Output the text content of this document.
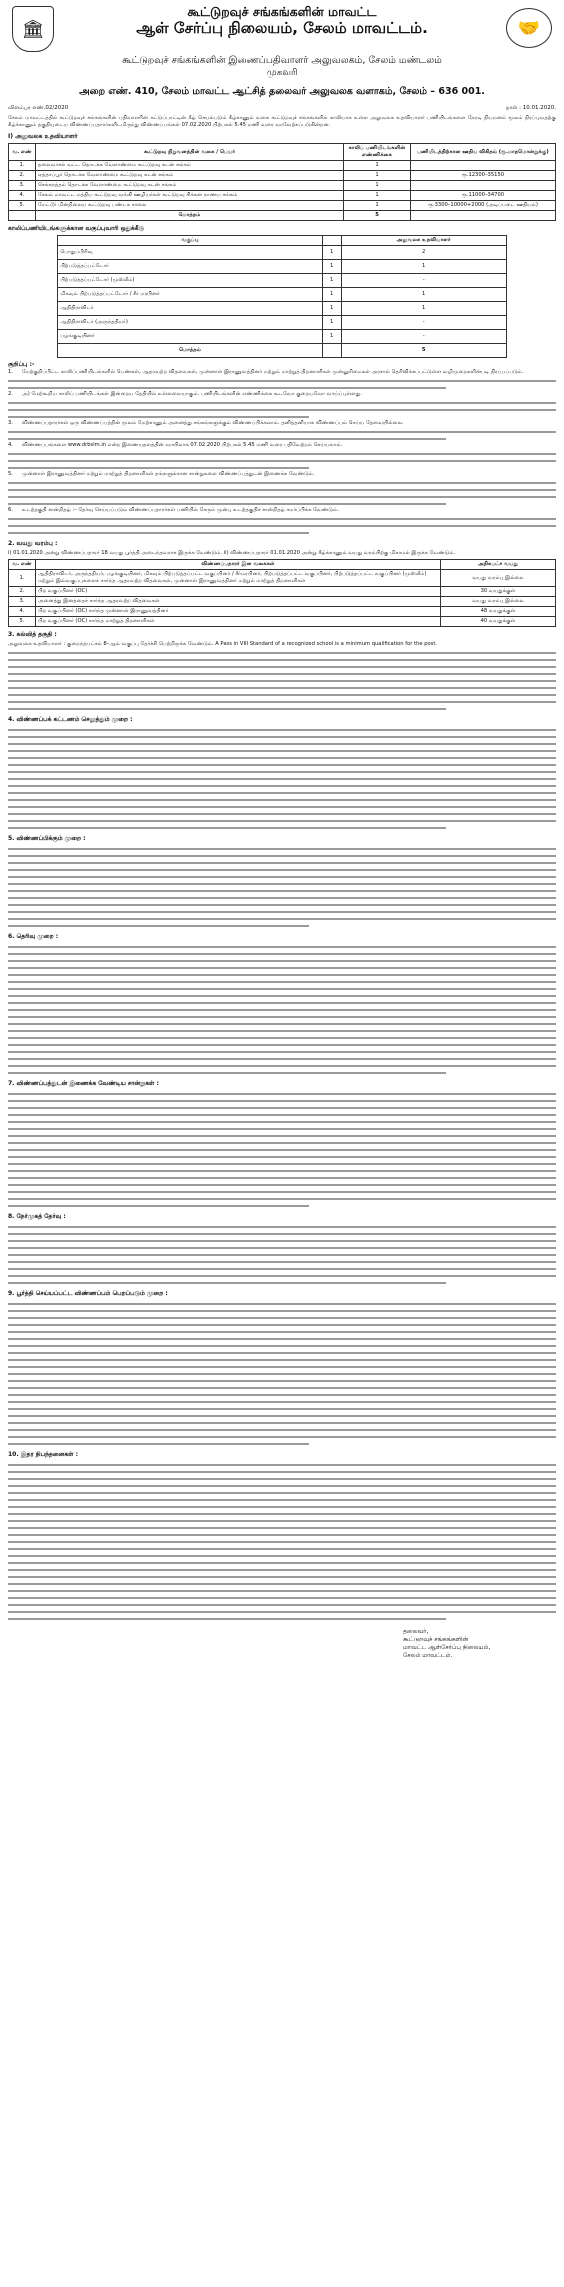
🏛
கூட்டுறவுச் சங்கங்களின் மாவட்ட
ஆள் சேர்ப்பு நிலையம், சேலம் மாவட்டம்.	🤝
கூட்டுறவுச் சங்கங்களின் இணைப்பதிவாளர் அலுவலகம், சேலம் மண்டலம்
முகவரி
அறை எண். 410, சேலம் மாவட்ட ஆட்சித் தலைவர் அலுவலக வளாகம், சேலம் – 636 001.
விளம்பர எண்.02/2020	நாள் : 10.01.2020.
சேலம் மாவட்டத்தில் கூட்டுறவுச் சங்கங்களின் பதிவாளரின் கட்டுப்பாட்டின் கீழ் செயல்படும் கீழ்காணும் வகை கூட்டுறவுச் சங்கங்களில் காலியாக உள்ள அலுவலக உதவியாளர் பணியிடங்களை நேரடி நியமனம் மூலம் நிரப்புவதற்கு கீழ்க்காணும் தகுதியுடைய விண்ணப்பதாரர்களிடமிருந்து விண்ணப்பங்கள் 07.02.2020 பிற்பகல் 5.45 மணி வரை வரவேற்கப்படுகின்றன.
I) அலுவலக உதவியாளர்
வ. எண்	கூட்டுறவு நிறுவனத்தின் வகை / பெயர்	காலிப் பணியிடங்களின் எண்ணிக்கை	பணியிடத்திற்கான ஊதிய விகிதம் (ரூ.மாதமொன்றுக்கு)
1.	தலைவாசல் வட்ட தொடக்க வேளாண்மை கூட்டுறவு கடன் சங்கம்	1	
2.	ஏத்தாப்பூர் தொடக்க வேளாண்மை கூட்டுறவு கடன் சங்கம்	1	ரூ.12300–35150
3.	செக்கநத்தம் தொடக்க வேளாண்மை கூட்டுறவு கடன் சங்கம்	1	
4.	சேலம் மாவட்ட மத்திய கூட்டுறவு வங்கி ஊழியர்கள் கூட்டுறவு சிக்கன நாணய சங்கம்	1	ரூ.11000–34700
5.	மேட்டூர் மின்நிலைய கூட்டுறவு பண்டக சாலை	1	ரூ.3300–10000+2000 (அடிப்படை ஊதியம்)
	மொத்தம்	5	
காலிப்பணியிடங்களுக்கான வகுப்புவாரி ஒதுக்கீடு
வகுப்பு		அலுவலக உதவியாளர்
பொதுப்பிரிவு	1	2
பிற்படுத்தப்பட்டோர்	1	1
பிற்படுத்தப்பட்டோர் (முஸ்லீம்)	1	-
மிகவும் பிற்படுத்தப்பட்டோர் / சீர் மரபினர்	1	1
ஆதிதிராவிடர்	1	1
ஆதிதிராவிடர் (அருந்ததியர்)	1	-
பழங்குடியினர்	1	-
மொத்தம்		5
குறிப்பு :-
1.	மேற்குறிப்பிட்ட காலிப்பணியிடங்களில் பெண்கள், ஆதரவற்ற விதவைகள், முன்னாள் இராணுவத்தினர் மற்றும் மாற்றுத் திறனாளிகள் முன்னுரிமைகள் அரசால் தெரிவிக்கப்பட்டுள்ள வழிமுறைகளின்படி நிரப்பப்படும்.
2.	அ) மேற்கூறிய காலிப் பணியிடங்கள் இன்றைய தேதியில் உள்ளவையாகும். பணியிடங்களின் எண்ணிக்கை கூடவோ குறையவோ வாய்ப்புள்ளது.
3.	விண்ணப்பதாரர்கள் ஒரு விண்ணப்பத்தின் மூலம் மேற்காணும் அனைத்து சங்கங்களுக்கும் விண்ணப்பிக்கலாம். தனித்தனியாக விண்ணப்பம் செய்ய தேவையில்லை.
4.	விண்ணப்பங்களை www.drbslm.in என்ற இணையதளத்தின் வாயிலாக 07.02.2020 பிற்பகல் 5.45 மணி வரை பதிவேற்றம் செய்யலாம்.
5.	முன்னாள் இராணுவத்தினர் மற்றும் மாற்றுத் திறனாளிகள் தங்களுக்கான சான்றுகளை விண்ணப்பத்துடன் இணைக்க வேண்டும்.
6.	உடற்தகுதி சான்றிதழ் :– தேர்வு செய்யப்படும் விண்ணப்பதாரர்கள் பணியில் சேரும் முன்பு உடற்தகுதிச் சான்றிதழ் சமர்ப்பிக்க வேண்டும்.
2. வயது வரம்பு :
i) 01.01.2020 அன்று விண்ணப்பதாரர் 18 வயது பூர்த்தி அடைந்தவராக இருக்க வேண்டும். ii) விண்ணப்பதாரர் 01.01.2020 அன்று கீழ்க்காணும் வயது வரம்பிற்கு மிகாமல் இருக்க வேண்டும்.
வ. எண்	விண்ணப்பதாரர் இன வகைகள்	அதிகபட்ச வயது
1.	ஆதிதிராவிடர், அருந்ததியர், பழங்குடியினர், மிகவும் பிற்படுத்தப்பட்ட வகுப்பினர் / சீர்மரபினர், பிற்படுத்தப்பட்ட வகுப்பினர், பிற்படுத்தப்பட்ட வகுப்பினர் (முஸ்லீம்) மற்றும் இவ்வகுப்புகளைச் சார்ந்த ஆதரவற்ற விதவைகள், முன்னாள் இராணுவத்தினர் மற்றும் மாற்றுத் திறனாளிகள்	வயது வரம்பு இல்லை
2.	பிற வகுப்பினர் (OC)	30 வயதுக்குள்
3.	அனைத்து இனத்தைச் சார்ந்த ஆதரவற்ற விதவைகள்	வயது வரம்பு இல்லை
4.	பிற வகுப்பினர் (OC) சார்ந்த முன்னாள் இராணுவத்தினர்	48 வயதுக்குள்
5.	பிற வகுப்பினர் (OC) சார்ந்த மாற்றுத் திறனாளிகள்	40 வயதுக்குள்
3. கல்வித் தகுதி :
அலுவலக உதவியாளர் : குறைந்தபட்சம் 8–ஆம் வகுப்பு தேர்ச்சி பெற்றிருக்க வேண்டும். A Pass in VIII Standard of a recognized school is a minimum qualification for the post.
4. விண்ணப்பக் கட்டணம் செலுத்தும் முறை :
5. விண்ணப்பிக்கும் முறை :
6. தெரிவு முறை :
7. விண்ணப்பத்துடன் இணைக்க வேண்டிய சான்றுகள் :
8. நேர்முகத் தேர்வு :
9. பூர்த்தி செய்யப்பட்ட விண்ணப்பம் பெறப்படும் முறை :
10. இதர நிபந்தனைகள் :
தலைவர்,
கூட்டுறவுச் சங்கங்களின்
மாவட்ட ஆள்சேர்ப்பு நிலையம்,
சேலம் மாவட்டம்.
